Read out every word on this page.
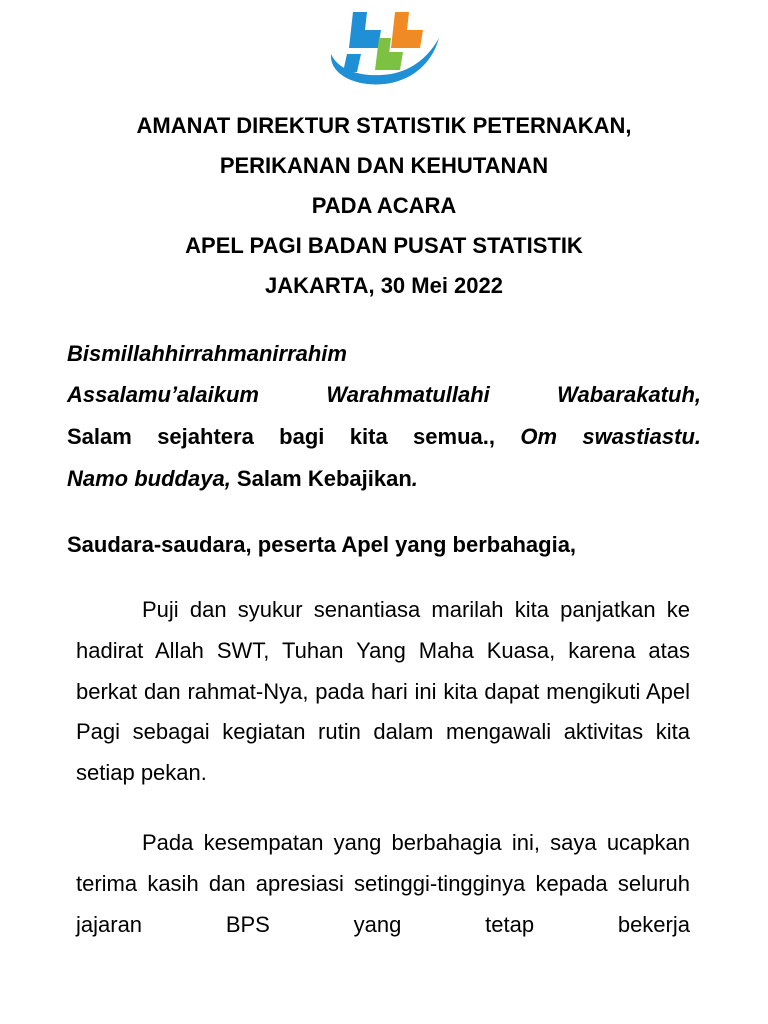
AMANAT DIREKTUR STATISTIK PETERNAKAN,

PERIKANAN DAN KEHUTANAN

PADA ACARA

APEL PAGI BADAN PUSAT STATISTIK

JAKARTA, 30 Mei 2022

Bismillahhirrahmanirrahim

Assalamu’alaikum Warahmatullahi Wabarakatuh,

Salam sejahtera bagi kita semua., Om swastiastu.

Namo buddaya, Salam Kebajikan.

Saudara-saudara, peserta Apel yang berbahagia,

Puji dan syukur senantiasa marilah kita panjatkan ke hadirat Allah SWT, Tuhan Yang Maha Kuasa, karena atas berkat dan rahmat-Nya, pada hari ini kita dapat mengikuti Apel Pagi sebagai kegiatan rutin dalam mengawali aktivitas kita setiap pekan.

Pada kesempatan yang berbahagia ini, saya ucapkan terima kasih dan apresiasi setinggi-tingginya kepada seluruh jajaran BPS yang tetap bekerja
